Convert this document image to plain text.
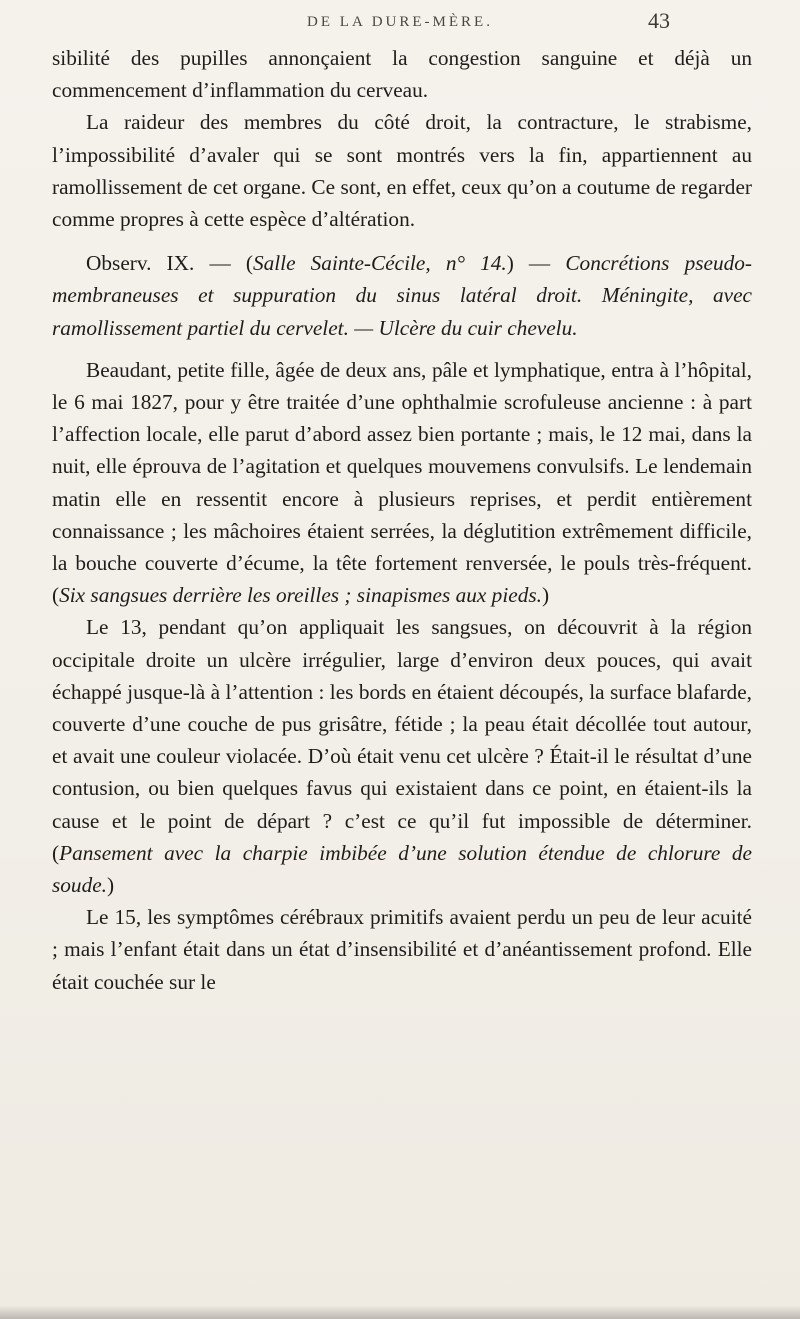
DE LA DURE-MÈRE.	43

sibilité des pupilles annonçaient la congestion sanguine et déjà un commencement d’inflammation du cerveau.

La raideur des membres du côté droit, la contracture, le strabisme, l’impossibilité d’avaler qui se sont montrés vers la fin, appartiennent au ramollissement de cet organe. Ce sont, en effet, ceux qu’on a coutume de regarder comme propres à cette espèce d’altération.

Observ. IX. — (Salle Sainte-Cécile, n° 14.) — Concrétions pseudo-membraneuses et suppuration du sinus latéral droit. Méningite, avec ramollissement partiel du cervelet. — Ulcère du cuir chevelu.

Beaudant, petite fille, âgée de deux ans, pâle et lymphatique, entra à l’hôpital, le 6 mai 1827, pour y être traitée d’une ophthalmie scrofuleuse ancienne : à part l’affection locale, elle parut d’abord assez bien portante ; mais, le 12 mai, dans la nuit, elle éprouva de l’agitation et quelques mouvemens convulsifs. Le lendemain matin elle en ressentit encore à plusieurs reprises, et perdit entièrement connaissance ; les mâchoires étaient serrées, la déglutition extrêmement difficile, la bouche couverte d’écume, la tête fortement renversée, le pouls très-fréquent. (Six sangsues derrière les oreilles ; sinapismes aux pieds.)

Le 13, pendant qu’on appliquait les sangsues, on découvrit à la région occipitale droite un ulcère irrégulier, large d’environ deux pouces, qui avait échappé jusque-là à l’attention : les bords en étaient découpés, la surface blafarde, couverte d’une couche de pus grisâtre, fétide ; la peau était décollée tout autour, et avait une couleur violacée. D’où était venu cet ulcère ? Était-il le résultat d’une contusion, ou bien quelques favus qui existaient dans ce point, en étaient-ils la cause et le point de départ ? c’est ce qu’il fut impossible de déterminer. (Pansement avec la charpie imbibée d’une solution étendue de chlorure de soude.)

Le 15, les symptômes cérébraux primitifs avaient perdu un peu de leur acuité ; mais l’enfant était dans un état d’insensibilité et d’anéantissement profond. Elle était couchée sur le
